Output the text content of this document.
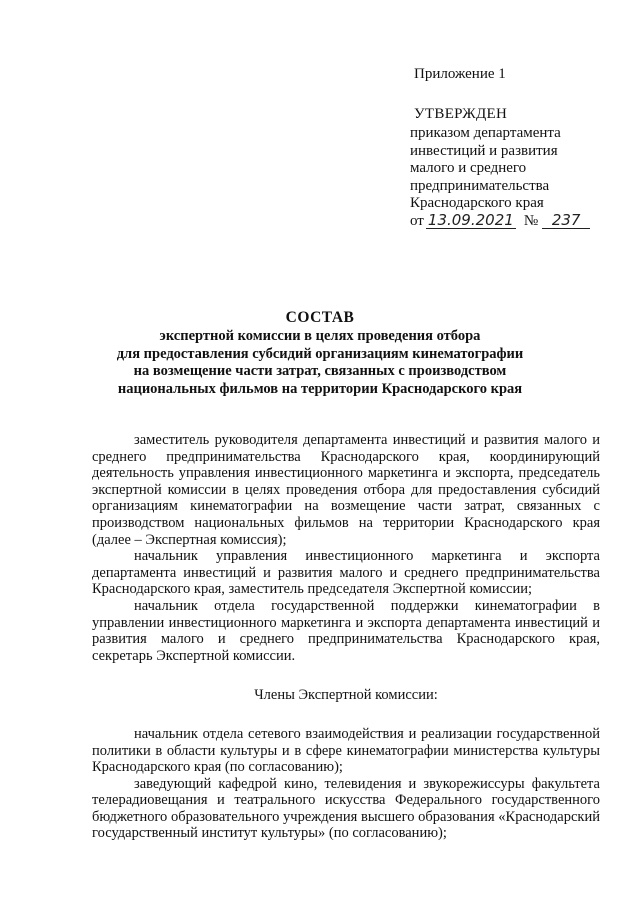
Приложение 1
УТВЕРЖДЕН
приказом департамента
инвестиций и развития
малого и среднего
предпринимательства
Краснодарского края
от 13.09.2021 № 237
СОСТАВ
экспертной комиссии в целях проведения отбора
для предоставления субсидий организациям кинематографии
на возмещение части затрат, связанных с производством
национальных фильмов на территории Краснодарского края

заместитель руководителя департамента инвестиций и развития малого и среднего предпринимательства Краснодарского края, координирующий деятельность управления инвестиционного маркетинга и экспорта, председатель экспертной комиссии в целях проведения отбора для предоставления субсидий организациям кинематографии на возмещение части затрат, связанных с производством национальных фильмов на территории Краснодарского края (далее – Экспертная комиссия);

начальник управления инвестиционного маркетинга и экспорта департамента инвестиций и развития малого и среднего предпринимательства Краснодарского края, заместитель председателя Экспертной комиссии;

начальник отдела государственной поддержки кинематографии в управлении инвестиционного маркетинга и экспорта департамента инвестиций и развития малого и среднего предпринимательства Краснодарского края, секретарь Экспертной комиссии.

Члены Экспертной комиссии:

начальник отдела сетевого взаимодействия и реализации государственной политики в области культуры и в сфере кинематографии министерства культуры Краснодарского края (по согласованию);

заведующий кафедрой кино, телевидения и звукорежиссуры факультета телерадиовещания и театрального искусства Федерального государственного бюджетного образовательного учреждения высшего образования «Краснодарский государственный институт культуры» (по согласованию);
